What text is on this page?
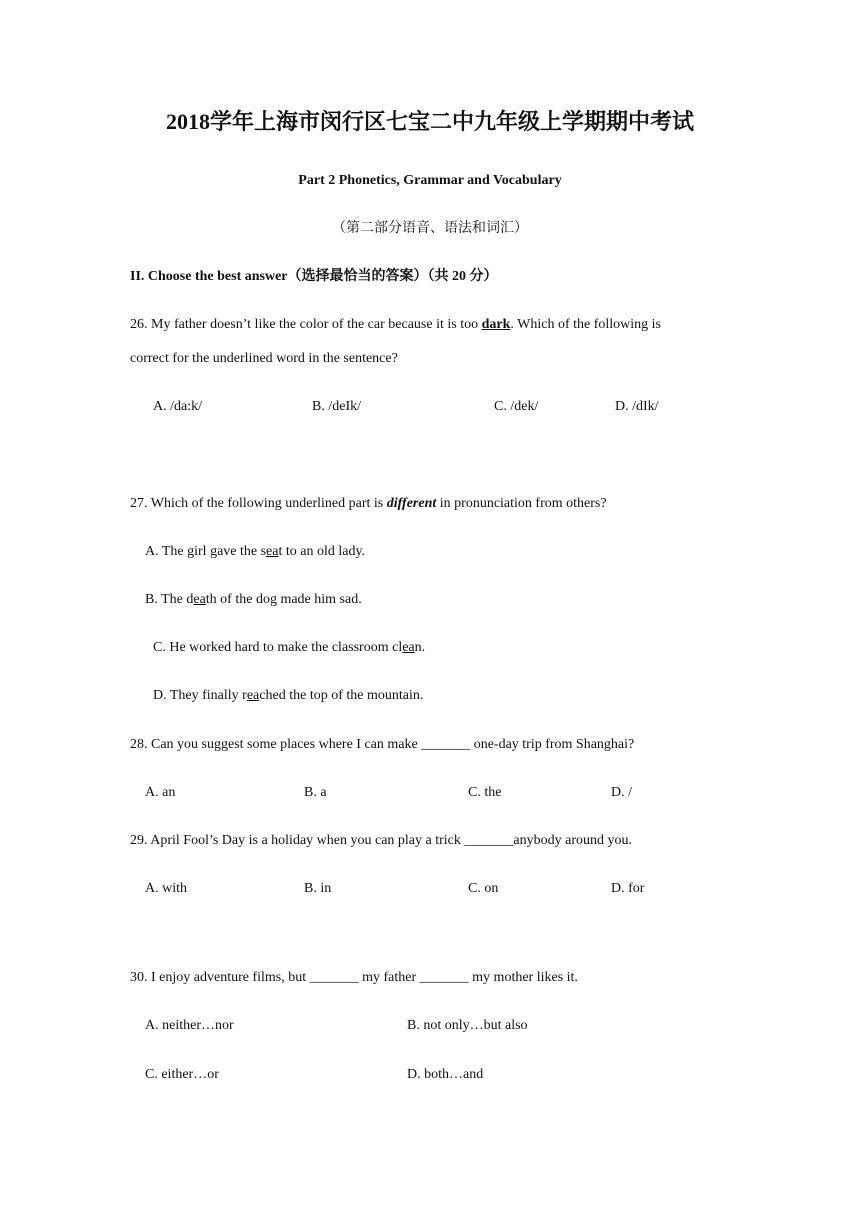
2018学年上海市闵行区七宝二中九年级上学期期中考试
Part 2 Phonetics, Grammar and Vocabulary
（第二部分语音、语法和词汇）
II. Choose the best answer（选择最恰当的答案）（共 20 分）
26. My father doesn’t like the color of the car because it is too dark. Which of the following is
correct for the underlined word in the sentence?
A. /da:k/	B. /deIk/	C. /dek/	D. /dIk/
27. Which of the following underlined part is different in pronunciation from others?
A. The girl gave the seat to an old lady.
B. The death of the dog made him sad.
C. He worked hard to make the classroom clean.
D. They finally reached the top of the mountain.
28. Can you suggest some places where I can make _______ one-day trip from Shanghai?
A. an	B. a	C. the	D. /
29. April Fool’s Day is a holiday when you can play a trick _______anybody around you.
A. with	B. in	C. on	D. for
30. I enjoy adventure films, but _______ my father _______ my mother likes it.
A. neither…nor	B. not only…but also
C. either…or	D. both…and
